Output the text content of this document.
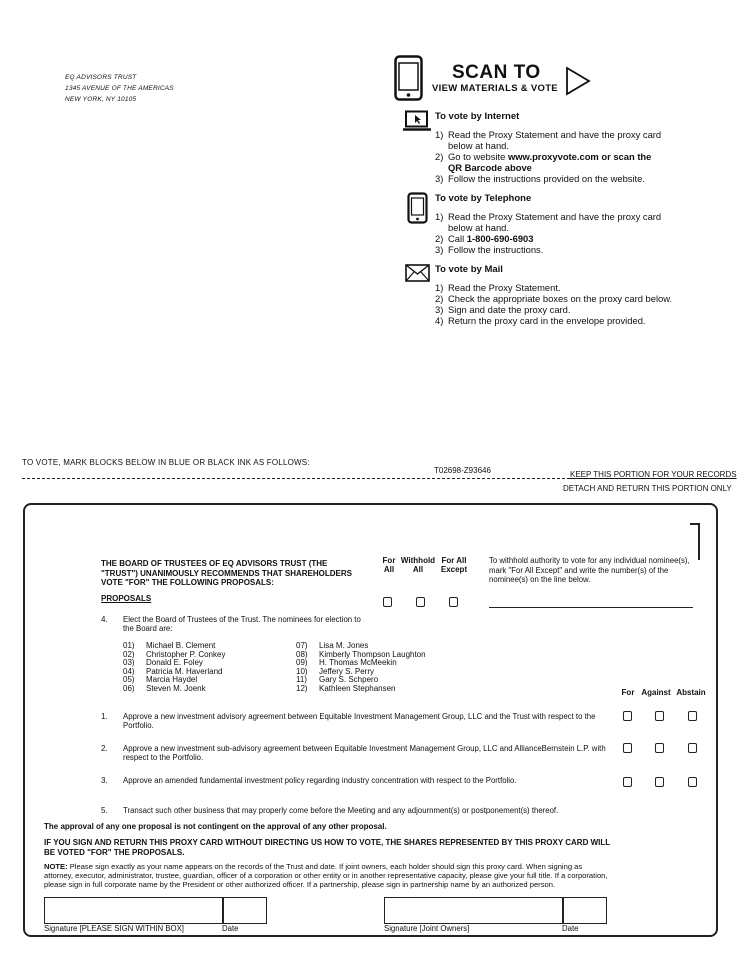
EQ ADVISORS TRUST
1345 AVENUE OF THE AMERICAS
NEW YORK, NY 10105
SCAN TO
VIEW MATERIALS & VOTE
To vote by Internet
1) Read the Proxy Statement and have the proxy card below at hand.
2) Go to website www.proxyvote.com or scan the QR Barcode above
3) Follow the instructions provided on the website.
To vote by Telephone
1) Read the Proxy Statement and have the proxy card below at hand.
2) Call 1-800-690-6903
3) Follow the instructions.
To vote by Mail
1) Read the Proxy Statement.
2) Check the appropriate boxes on the proxy card below.
3) Sign and date the proxy card.
4) Return the proxy card in the envelope provided.
TO VOTE, MARK BLOCKS BELOW IN BLUE OR BLACK INK AS FOLLOWS:
T02698-Z93646	KEEP THIS PORTION FOR YOUR RECORDS
DETACH AND RETURN THIS PORTION ONLY
THE BOARD OF TRUSTEES OF EQ ADVISORS TRUST (THE "TRUST") UNANIMOUSLY RECOMMENDS THAT SHAREHOLDERS VOTE "FOR" THE FOLLOWING PROPOSALS:
For All
Withhold All
For All Except
To withhold authority to vote for any individual nominee(s), mark "For All Except" and write the number(s) of the nominee(s) on the line below.
PROPOSALS
4. Elect the Board of Trustees of the Trust. The nominees for election to the Board are:
01) Michael B. Clement
02) Christopher P. Conkey
03) Donald E. Foley
04) Patricia M. Haverland
05) Marcia Haydel
06) Steven M. Joenk
07) Lisa M. Jones
08) Kimberly Thompson Laughton
09) H. Thomas McMeekin
10) Jeffery S. Perry
11) Gary S. Schpero
12) Kathleen Stephansen	For Against Abstain
1. Approve a new investment advisory agreement between Equitable Investment Management Group, LLC and the Trust with respect to the Portfolio.
2. Approve a new investment sub-advisory agreement between Equitable Investment Management Group, LLC and AllianceBernstein L.P. with respect to the Portfolio.
3. Approve an amended fundamental investment policy regarding industry concentration with respect to the Portfolio.
5. Transact such other business that may properly come before the Meeting and any adjournment(s) or postponement(s) thereof.
The approval of any one proposal is not contingent on the approval of any other proposal.
IF YOU SIGN AND RETURN THIS PROXY CARD WITHOUT DIRECTING US HOW TO VOTE, THE SHARES REPRESENTED BY THIS PROXY CARD WILL BE VOTED "FOR" THE PROPOSALS.
NOTE: Please sign exactly as your name appears on the records of the Trust and date. If joint owners, each holder should sign this proxy card. When signing as attorney, executor, administrator, trustee, guardian, officer of a corporation or other entity or in another representative capacity, please give your full title. If a corporation, please sign in full corporate name by the President or other authorized officer. If a partnership, please sign in partnership name by an authorized person.
Signature [PLEASE SIGN WITHIN BOX]	Date	Signature [Joint Owners]	Date
